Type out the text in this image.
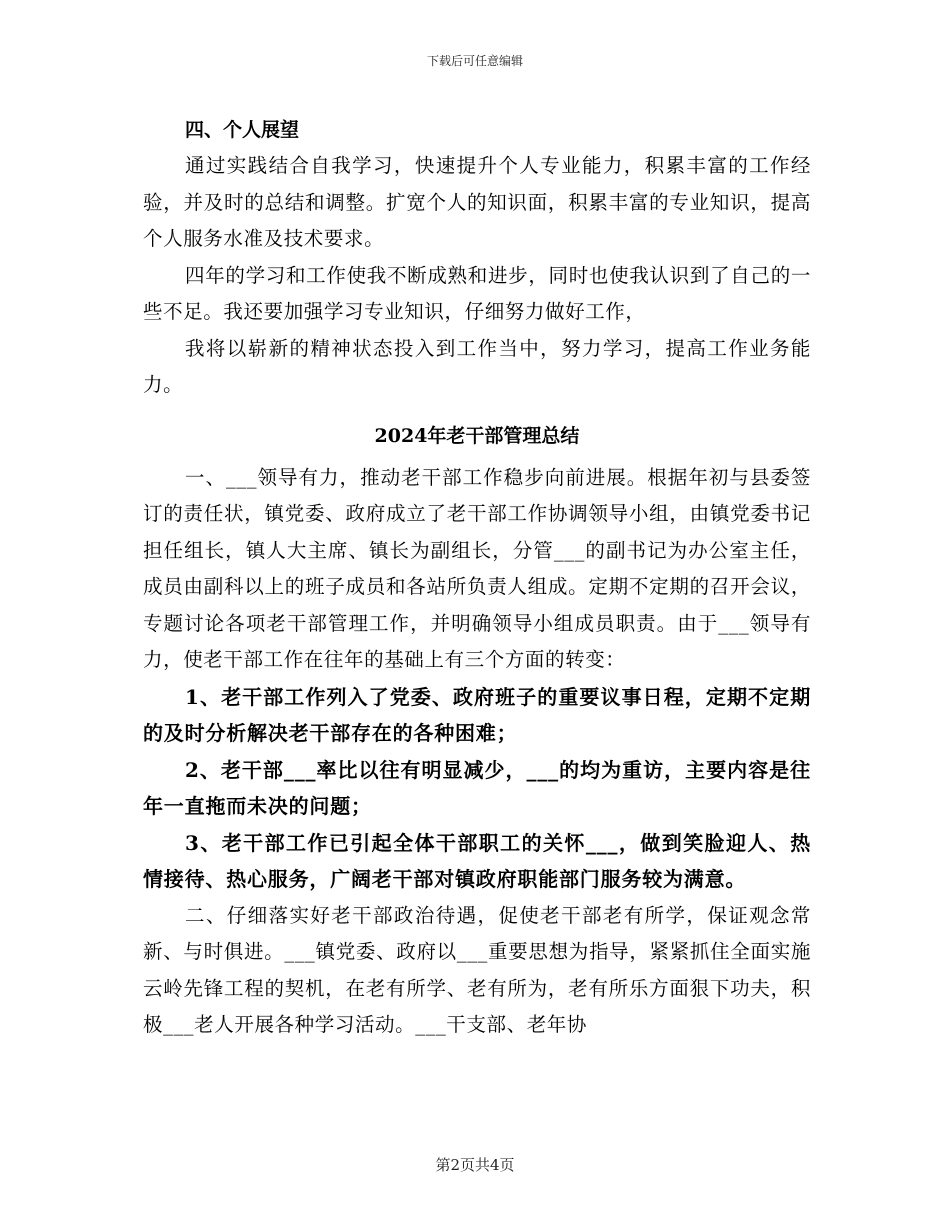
下载后可任意编辑

四、个人展望

通过实践结合自我学习，快速提升个人专业能力，积累丰富的工作经验，并及时的总结和调整。扩宽个人的知识面，积累丰富的专业知识，提高个人服务水准及技术要求。

四年的学习和工作使我不断成熟和进步，同时也使我认识到了自己的一些不足。我还要加强学习专业知识，仔细努力做好工作，

我将以崭新的精神状态投入到工作当中，努力学习，提高工作业务能力。

2024年老干部管理总结

一、___领导有力，推动老干部工作稳步向前进展。根据年初与县委签订的责任状，镇党委、政府成立了老干部工作协调领导小组，由镇党委书记担任组长，镇人大主席、镇长为副组长，分管___的副书记为办公室主任，成员由副科以上的班子成员和各站所负责人组成。定期不定期的召开会议，专题讨论各项老干部管理工作，并明确领导小组成员职责。由于___领导有力，使老干部工作在往年的基础上有三个方面的转变：

1、老干部工作列入了党委、政府班子的重要议事日程，定期不定期的及时分析解决老干部存在的各种困难；

2、老干部___率比以往有明显减少，___的均为重访，主要内容是往年一直拖而未决的问题；

3、老干部工作已引起全体干部职工的关怀___，做到笑脸迎人、热情接待、热心服务，广阔老干部对镇政府职能部门服务较为满意。

二、仔细落实好老干部政治待遇，促使老干部老有所学，保证观念常新、与时俱进。___镇党委、政府以___重要思想为指导，紧紧抓住全面实施云岭先锋工程的契机，在老有所学、老有所为，老有所乐方面狠下功夫，积极___老人开展各种学习活动。___干支部、老年协

第2页共4页
